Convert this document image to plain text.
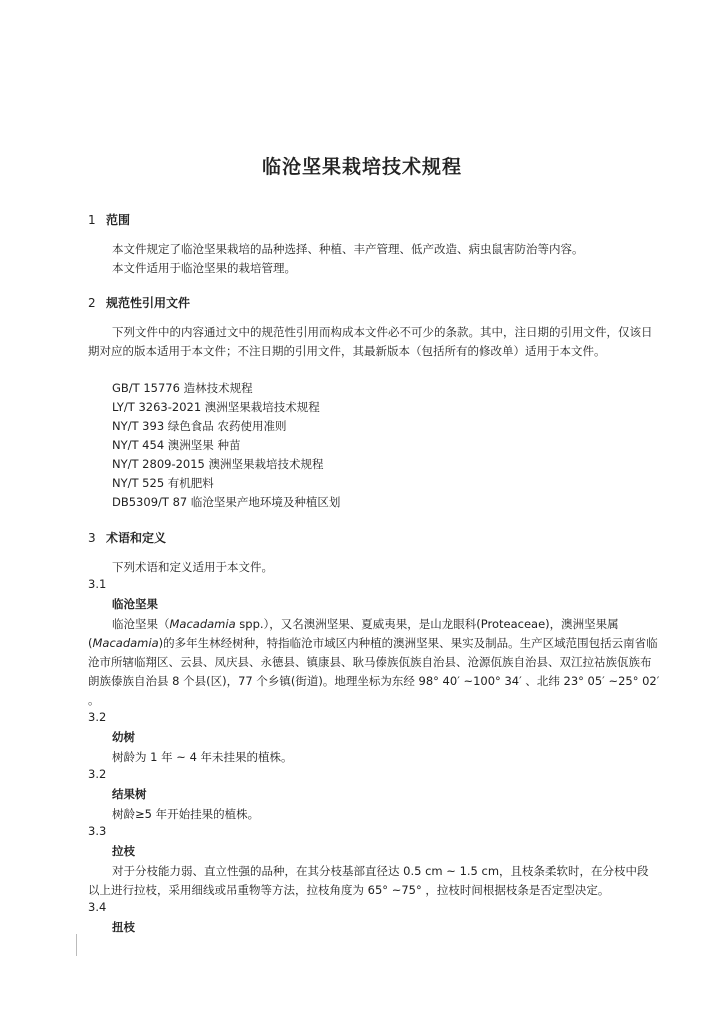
临沧坚果栽培技术规程
1 范围
本文件规定了临沧坚果栽培的品种选择、种植、丰产管理、低产改造、病虫鼠害防治等内容。
本文件适用于临沧坚果的栽培管理。
2 规范性引用文件
下列文件中的内容通过文中的规范性引用而构成本文件必不可少的条款。其中，注日期的引用文件，仅该日期对应的版本适用于本文件；不注日期的引用文件，其最新版本（包括所有的修改单）适用于本文件。
GB/T 15776 造林技术规程
LY/T 3263-2021 澳洲坚果栽培技术规程
NY/T 393 绿色食品 农药使用准则
NY/T 454 澳洲坚果 种苗
NY/T 2809-2015 澳洲坚果栽培技术规程
NY/T 525 有机肥料
DB5309/T 87 临沧坚果产地环境及种植区划
3 术语和定义
下列术语和定义适用于本文件。
3.1
临沧坚果
临沧坚果（Macadamia spp.），又名澳洲坚果、夏威夷果，是山龙眼科(Proteaceae)，澳洲坚果属(Macadamia)的多年生林经树种，特指临沧市域区内种植的澳洲坚果、果实及制品。生产区域范围包括云南省临沧市所辖临翔区、云县、凤庆县、永德县、镇康县、耿马傣族佤族自治县、沧源佤族自治县、双江拉祜族佤族布朗族傣族自治县 8 个县(区)，77 个乡镇(街道)。地理坐标为东经 98° 40′ ~100° 34′ 、北纬 23° 05′ ~25° 02′ 。
3.2
幼树
树龄为 1 年 ~ 4 年未挂果的植株。
3.2
结果树
树龄≥5 年开始挂果的植株。
3.3
拉枝
对于分枝能力弱、直立性强的品种，在其分枝基部直径达 0.5 cm ~ 1.5 cm，且枝条柔软时，在分枝中段以上进行拉枝，采用细线或吊重物等方法，拉枝角度为 65° ~75° ，拉枝时间根据枝条是否定型决定。
3.4
扭枝
